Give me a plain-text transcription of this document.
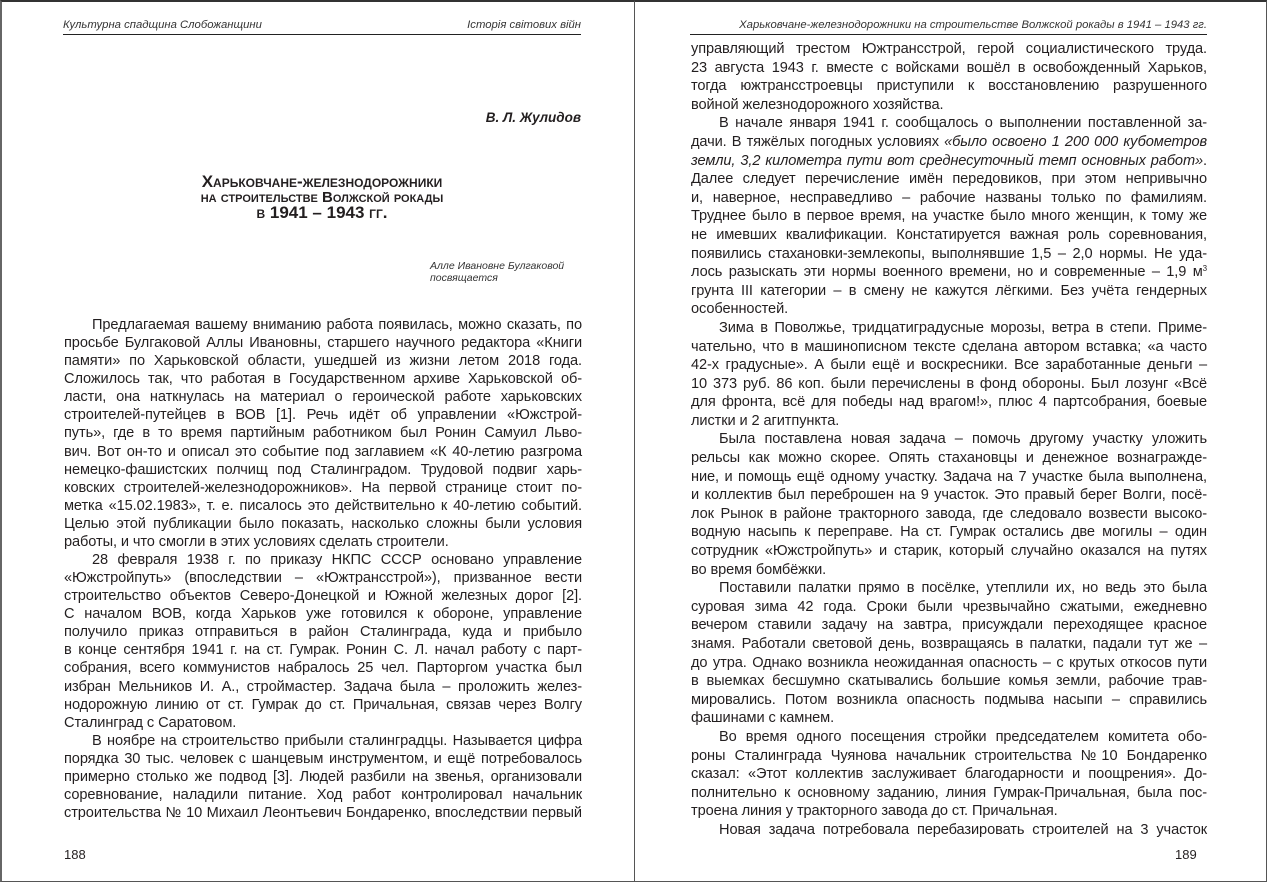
Культурна спадщина Слобожанщини	Історія світових війн
В. Л. Жулидов
Харьковчане-железнодорожники
на строительстве Волжской рокады
в 1941 – 1943 гг.
Алле Ивановне Булгаковой
посвящается
Предлагаемая вашему вниманию работа появилась, можно сказать, по
просьбе Булгаковой Аллы Ивановны, старшего научного редактора «Книги
памяти» по Харьковской области, ушедшей из жизни летом 2018 года.
Сложилось так, что работая в Государственном архиве Харьковской об-
ласти, она наткнулась на материал о героической работе харьковских
строителей-путейцев в ВОВ [1]. Речь идёт об управлении «Южстрой-
путь», где в то время партийным работником был Ронин Самуил Льво-
вич. Вот он-то и описал это событие под заглавием «К 40-летию разгрома
немецко-фашистских полчищ под Сталинградом. Трудовой подвиг харь-
ковских строителей-железнодорожников». На первой странице стоит по-
метка «15.02.1983», т. е. писалось это действительно к 40-летию событий.
Целью этой публикации было показать, насколько сложны были условия
работы, и что смогли в этих условиях сделать строители.
28 февраля 1938 г. по приказу НКПС СССР основано управление
«Южстройпуть» (впоследствии – «Южтрансстрой»), призванное вести
строительство объектов Северо-Донецкой и Южной железных дорог [2].
С началом ВОВ, когда Харьков уже готовился к обороне, управление
получило приказ отправиться в район Сталинграда, куда и прибыло
в конце сентября 1941 г. на ст. Гумрак. Ронин С. Л. начал работу с парт-
собрания, всего коммунистов набралось 25 чел. Парторгом участка был
избран Мельников И. А., строймастер. Задача была – проложить желез-
нодорожную линию от ст. Гумрак до ст. Причальная, связав через Волгу
Сталинград с Саратовом.
В ноябре на строительство прибыли сталинградцы. Называется цифра
порядка 30 тыс. человек с шанцевым инструментом, и ещё потребовалось
примерно столько же подвод [3]. Людей разбили на звенья, организовали
соревнование, наладили питание. Ход работ контролировал начальник
строительства № 10 Михаил Леонтьевич Бондаренко, впоследствии первый
188
Харьковчане-железнодорожники на строительстве Волжской рокады в 1941 – 1943 гг.
управляющий трестом Южтрансстрой, герой социалистического труда.
23 августа 1943 г. вместе с войсками вошёл в освобожденный Харьков,
тогда южтрансстроевцы приступили к восстановлению разрушенного
войной железнодорожного хозяйства.
В начале января 1941 г. сообщалось о выполнении поставленной за-
дачи. В тяжёлых погодных условиях «было освоено 1 200 000 кубометров
земли, 3,2 километра пути вот среднесуточный темп основных работ».
Далее следует перечисление имён передовиков, при этом непривычно
и, наверное, несправедливо – рабочие названы только по фамилиям.
Труднее было в первое время, на участке было много женщин, к тому же
не имевших квалификации. Констатируется важная роль соревнования,
появились стахановки-землекопы, выполнявшие 1,5 – 2,0 нормы. Не уда-
лось разыскать эти нормы военного времени, но и современные – 1,9 $м^3$
грунта III категории – в смену не кажутся лёгкими. Без учёта гендерных
особенностей.
Зима в Поволжье, тридцатиградусные морозы, ветра в степи. Приме-
чательно, что в машинописном тексте сделана автором вставка; «а часто
42-х градусные». А были ещё и воскресники. Все заработанные деньги –
10 373 руб. 86 коп. были перечислены в фонд обороны. Был лозунг «Всё
для фронта, всё для победы над врагом!», плюс 4 партсобрания, боевые
листки и 2 агитпункта.
Была поставлена новая задача – помочь другому участку уложить
рельсы как можно скорее. Опять стахановцы и денежное вознагражде-
ние, и помощь ещё одному участку. Задача на 7 участке была выполнена,
и коллектив был переброшен на 9 участок. Это правый берег Волги, посё-
лок Рынок в районе тракторного завода, где следовало возвести высоко-
водную насыпь к переправе. На ст. Гумрак остались две могилы – один
сотрудник «Южстройпуть» и старик, который случайно оказался на путях
во время бомбёжки.
Поставили палатки прямо в посёлке, утеплили их, но ведь это была
суровая зима 42 года. Сроки были чрезвычайно сжатыми, ежедневно
вечером ставили задачу на завтра, присуждали переходящее красное
знамя. Работали световой день, возвращаясь в палатки, падали тут же –
до утра. Однако возникла неожиданная опасность – с крутых откосов пути
в выемках бесшумно скатывались большие комья земли, рабочие трав-
мировались. Потом возникла опасность подмыва насыпи – справились
фашинами с камнем.
Во время одного посещения стройки председателем комитета обо-
роны Сталинграда Чуянова начальник строительства №10 Бондаренко
сказал: «Этот коллектив заслуживает благодарности и поощрения». До-
полнительно к основному заданию, линия Гумрак-Причальная, была пос-
троена линия у тракторного завода до ст. Причальная.
Новая задача потребовала перебазировать строителей на 3 участок
189
